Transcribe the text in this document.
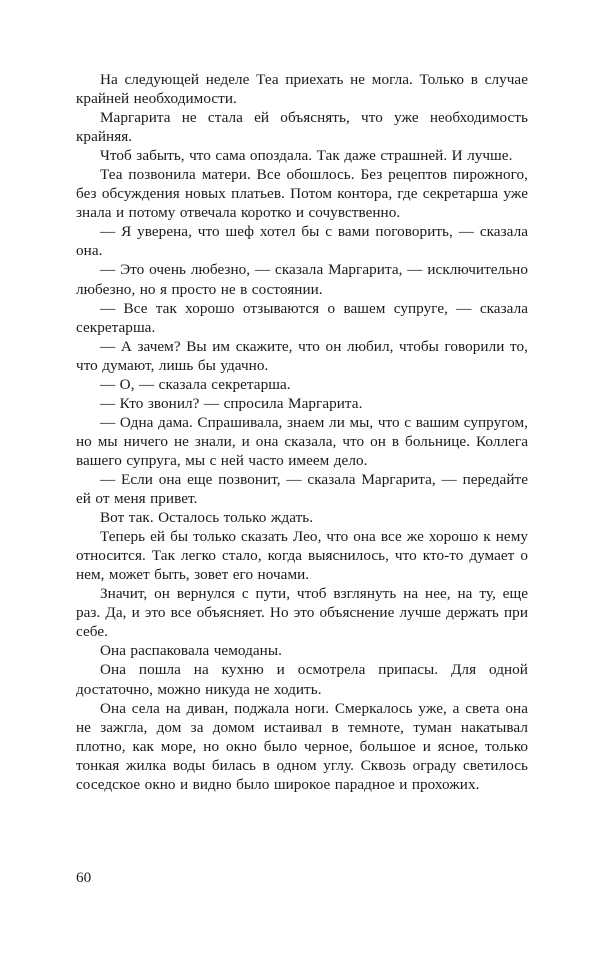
На следующей неделе Теа приехать не могла. Только в случае крайней необходимости.

Маргарита не стала ей объяснять, что уже необходимость крайняя.

Чтоб забыть, что сама опоздала. Так даже страшней. И лучше.

Теа позвонила матери. Все обошлось. Без рецептов пирожного, без обсуждения новых платьев. Потом контора, где секретарша уже знала и потому отвечала коротко и сочувственно.

— Я уверена, что шеф хотел бы с вами поговорить, — сказала она.

— Это очень любезно, — сказала Маргарита, — исключительно любезно, но я просто не в состоянии.

— Все так хорошо отзываются о вашем супруге, — сказала секретарша.

— А зачем? Вы им скажите, что он любил, чтобы говорили то, что думают, лишь бы удачно.

— О, — сказала секретарша.

— Кто звонил? — спросила Маргарита.

— Одна дама. Спрашивала, знаем ли мы, что с вашим супругом, но мы ничего не знали, и она сказала, что он в больнице. Коллега вашего супруга, мы с ней часто имеем дело.

— Если она еще позвонит, — сказала Маргарита, — передайте ей от меня привет.

Вот так. Осталось только ждать.

Теперь ей бы только сказать Лео, что она все же хорошо к нему относится. Так легко стало, когда выяснилось, что кто-то думает о нем, может быть, зовет его ночами.

Значит, он вернулся с пути, чтоб взглянуть на нее, на ту, еще раз. Да, и это все объясняет. Но это объяснение лучше держать при себе.

Она распаковала чемоданы.

Она пошла на кухню и осмотрела припасы. Для одной достаточно, можно никуда не ходить.

Она села на диван, поджала ноги. Смеркалось уже, а света она не зажгла, дом за домом истаивал в темноте, туман накатывал плотно, как море, но окно было черное, большое и ясное, только тонкая жилка воды билась в одном углу. Сквозь ограду светилось соседское окно и видно было широкое парадное и прохожих.

60
